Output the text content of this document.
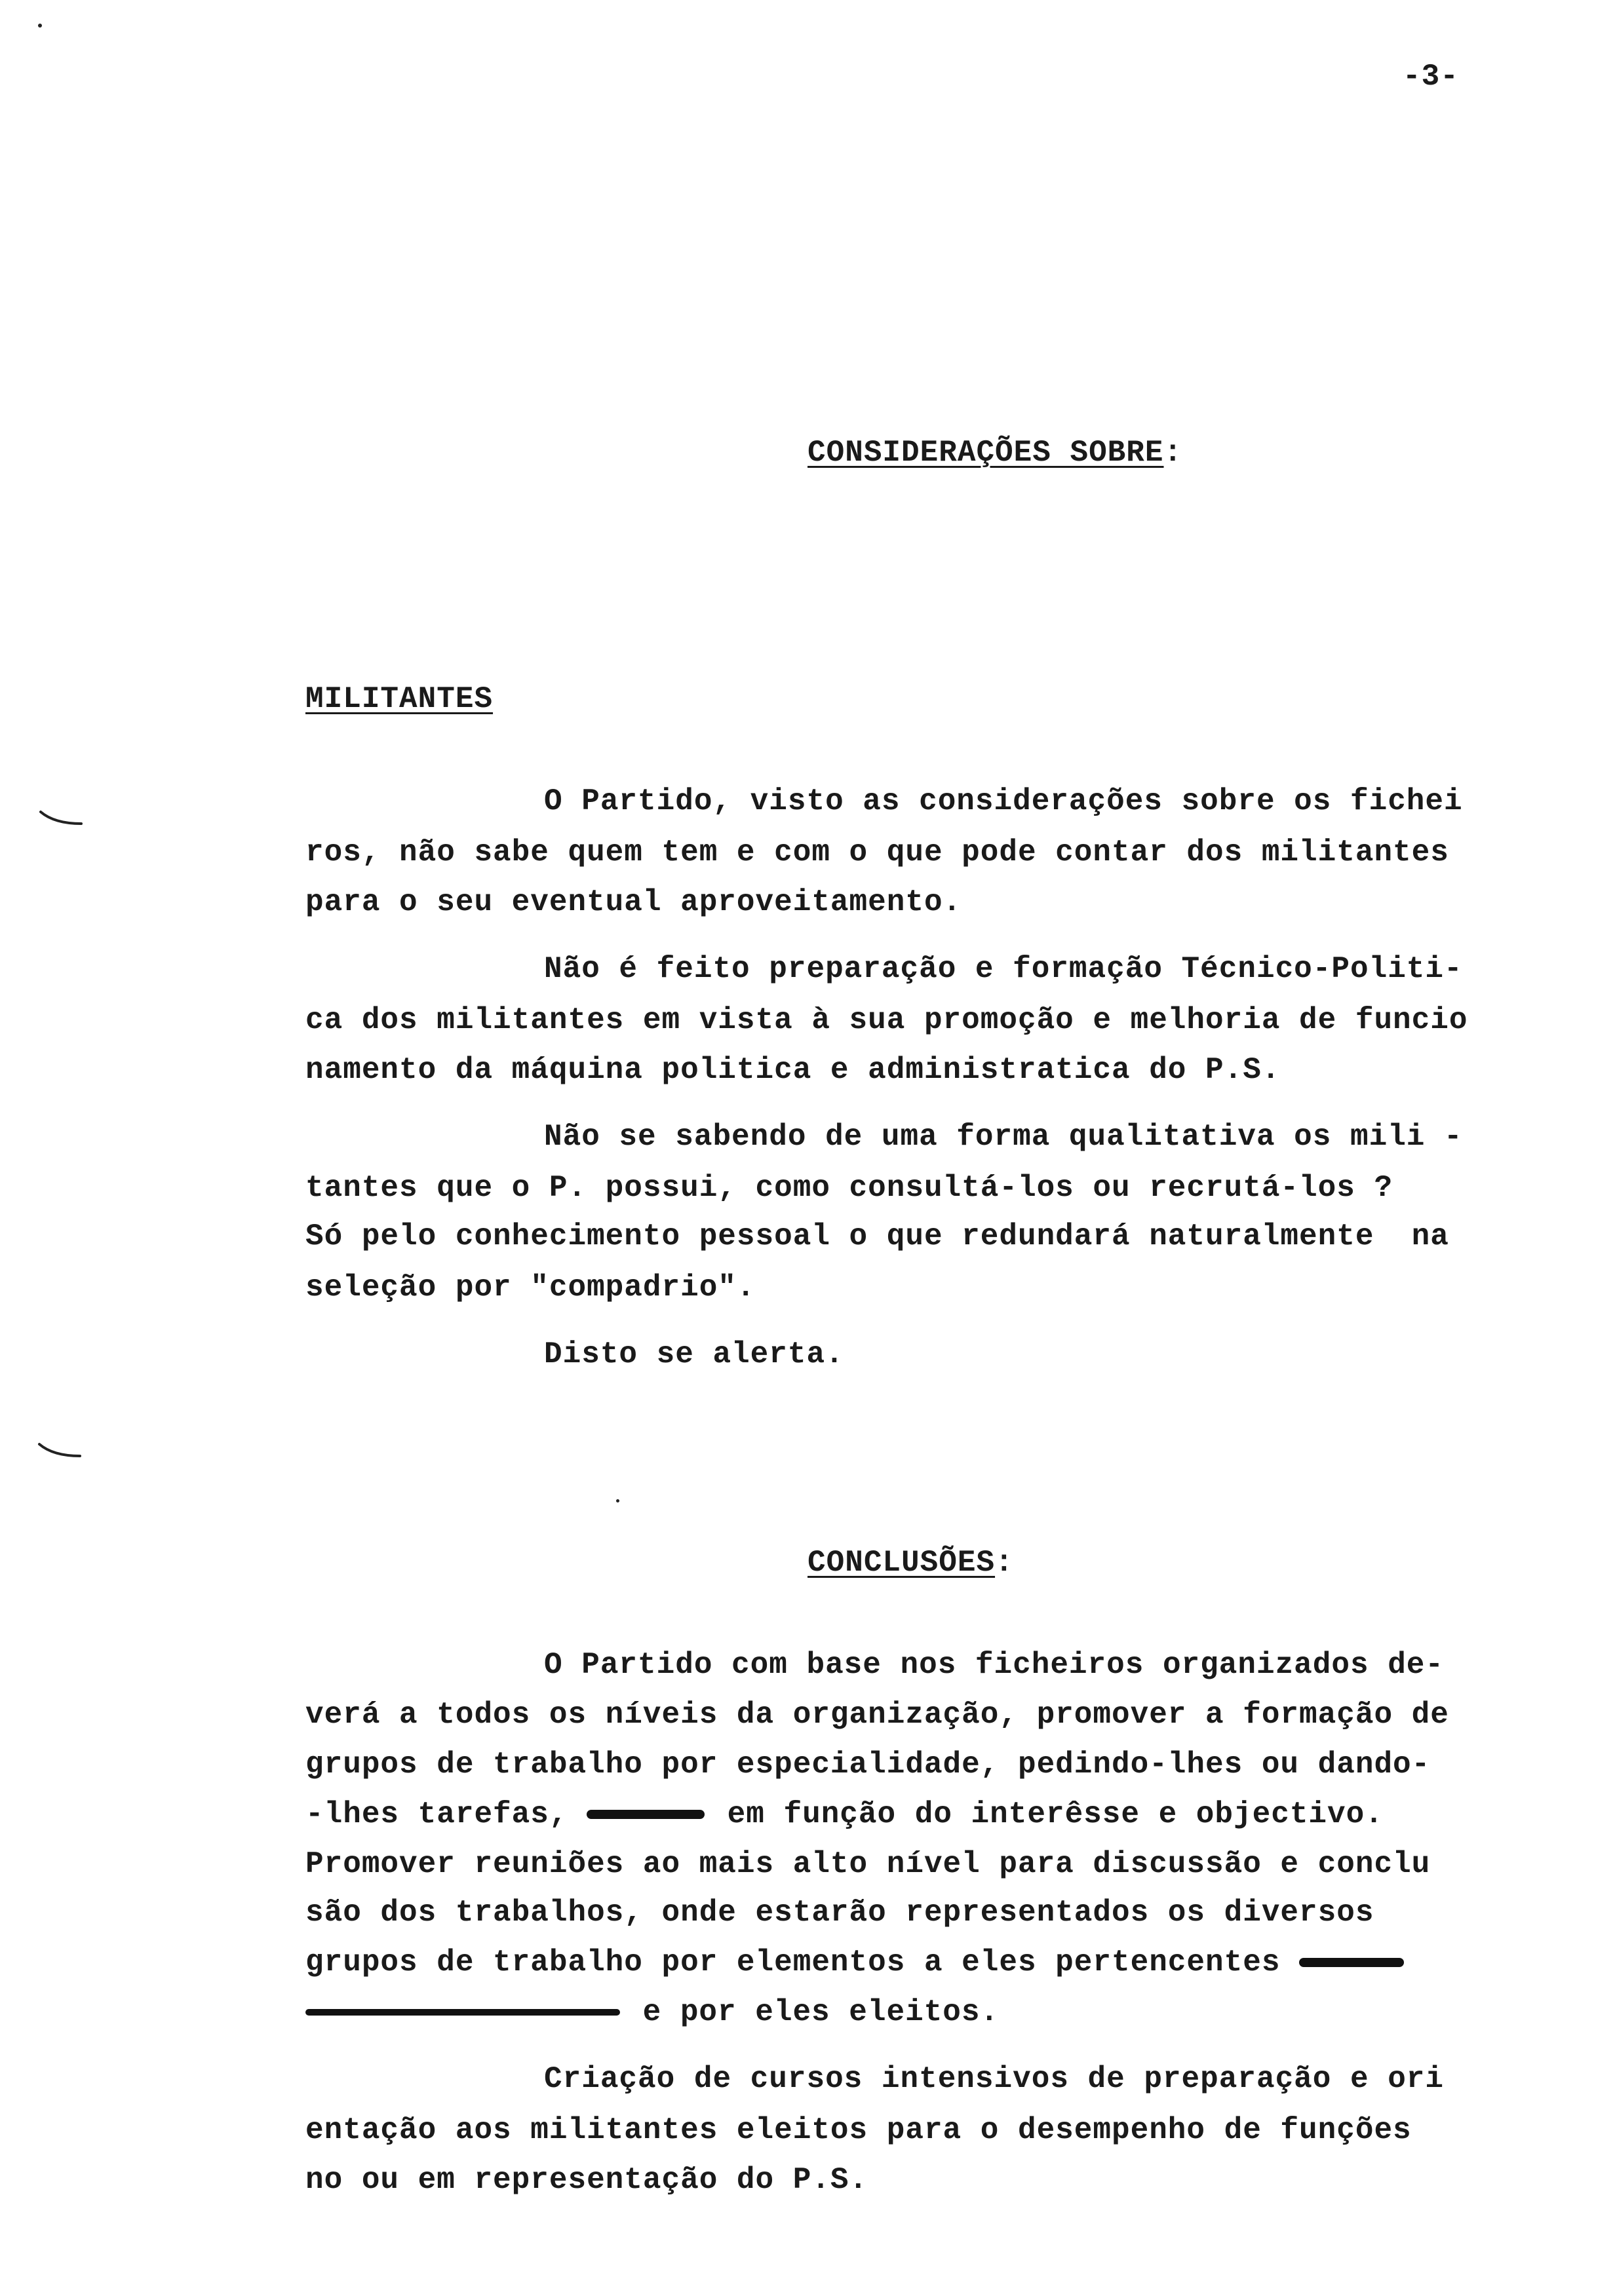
-3-
CONSIDERAÇÕES SOBRE:
MILITANTES
O Partido, visto as considerações sobre os fichei
ros, não sabe quem tem e com o que pode contar dos militantes
para o seu eventual aproveitamento.
Não é feito preparação e formação Técnico-Politi-
ca dos militantes em vista à sua promoção e melhoria de funcio
namento da máquina politica e administratica do P.S.
Não se sabendo de uma forma qualitativa os mili -
tantes que o P. possui, como consultá-los ou recrutá-los ?
Só pelo conhecimento pessoal o que redundará naturalmente  na
seleção por "compadrio".
Disto se alerta.
CONCLUSÕES:
O Partido com base nos ficheiros organizados de-
verá a todos os níveis da organização, promover a formação de
grupos de trabalho por especialidade, pedindo-lhes ou dando-
-lhes tarefas,	em função do interêsse e objectivo.
Promover reuniões ao mais alto nível para discussão e conclu
são dos trabalhos, onde estarão representados os diversos
grupos de trabalho por elementos a eles pertencentes
e por eles eleitos.
Criação de cursos intensivos de preparação e ori
entação aos militantes eleitos para o desempenho de funções
no ou em representação do P.S.
